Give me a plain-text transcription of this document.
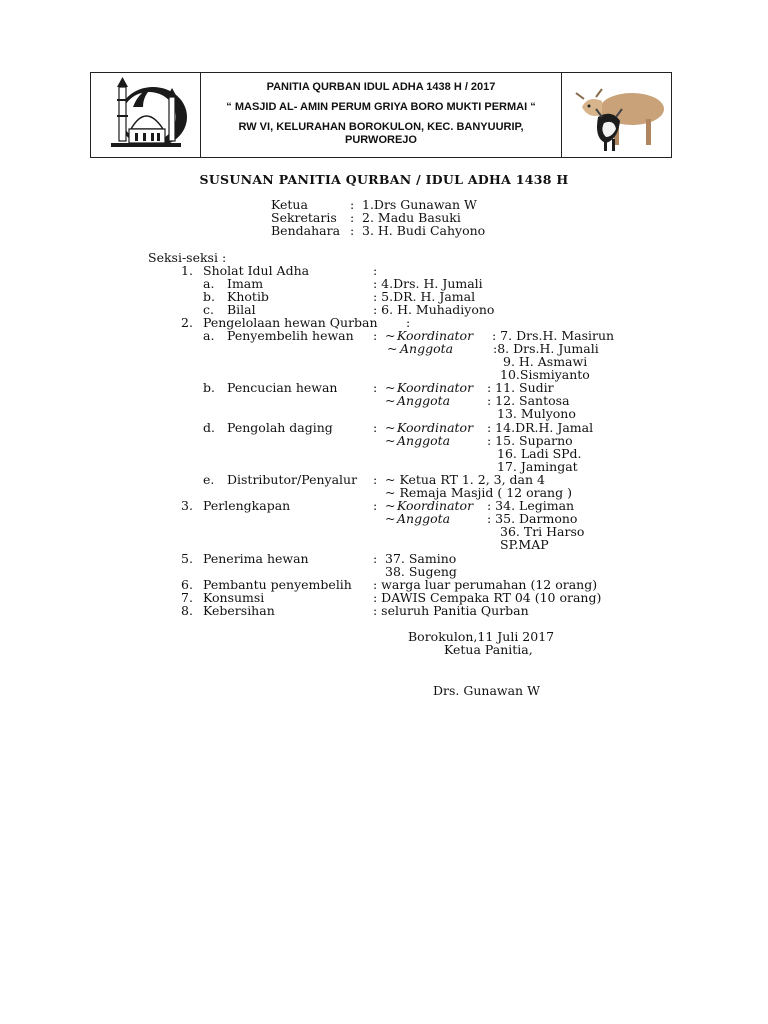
PANITIA QURBAN IDUL ADHA 1438 H / 2017
“ MASJID AL- AMIN PERUM GRIYA BORO MUKTI PERMAI “
RW VI, KELURAHAN BOROKULON, KEC. BANYUURIP,
PURWOREJO
SUSUNAN PANITIA QURBAN / IDUL ADHA 1438 H
Ketua	: 1.Drs Gunawan W
Sekretaris : 2. Madu Basuki
Bendahara : 3. H. Budi Cahyono
Seksi-seksi :
1. Sholat Idul Adha	:
a. Imam	: 4.Drs. H. Jumali
b. Khotib	: 5.DR. H. Jamal
c. Bilal	: 6. H. Muhadiyono
2. Pengelolaan hewan Qurban :
a. Penyembelih hewan : ~ Koordinator : 7. Drs.H. Masirun
~ Anggota	:8. Drs.H. Jumali
9. H. Asmawi
10.Sismiyanto
b. Pencucian hewan	: ~ Koordinator : 11. Sudir
~ Anggota	: 12. Santosa
13. Mulyono
d. Pengolah daging	: ~ Koordinator : 14.DR.H. Jamal
~ Anggota	: 15. Suparno
16. Ladi SPd.
17. Jamingat
e. Distributor/Penyalur : ~ Ketua RT 1. 2, 3, dan 4
~ Remaja Masjid ( 12 orang )
3. Perlengkapan	: ~ Koordinator : 34. Legiman
~ Anggota	: 35. Darmono
36. Tri Harso
SP.MAP
5. Penerima hewan	: 37. Samino
38. Sugeng
6. Pembantu penyembelih : warga luar perumahan (12 orang)
7. Konsumsi	: DAWIS Cempaka RT 04 (10 orang)
8. Kebersihan	: seluruh Panitia Qurban
Borokulon,11 Juli 2017
Ketua Panitia,
Drs. Gunawan W
